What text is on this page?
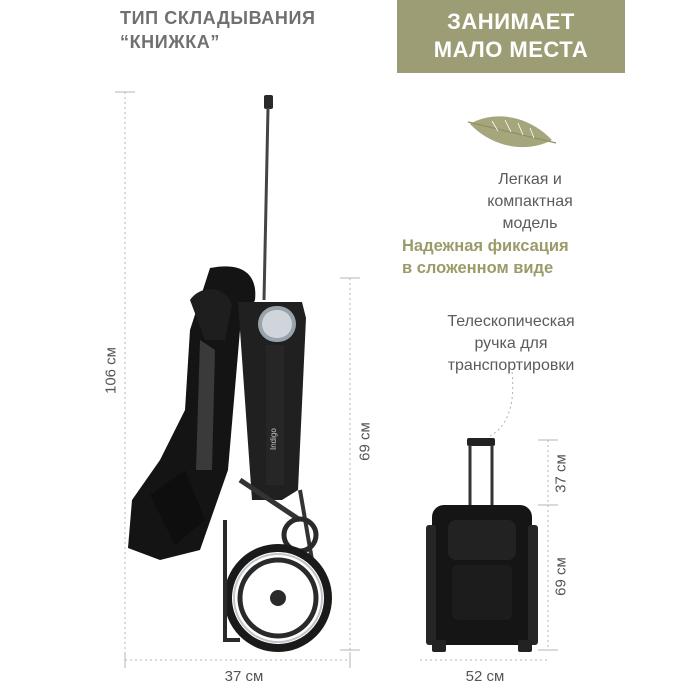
ТИП СКЛАДЫВАНИЯ
“КНИЖКА”
ЗАНИМАЕТ
МАЛО МЕСТА
Indigo
Легкая и компактная
модель
Надежная фиксация
в сложенном виде
Телескопическая
ручка для
транспортировки
106 см
69 см
37 см
37 см
69 см
52 см
